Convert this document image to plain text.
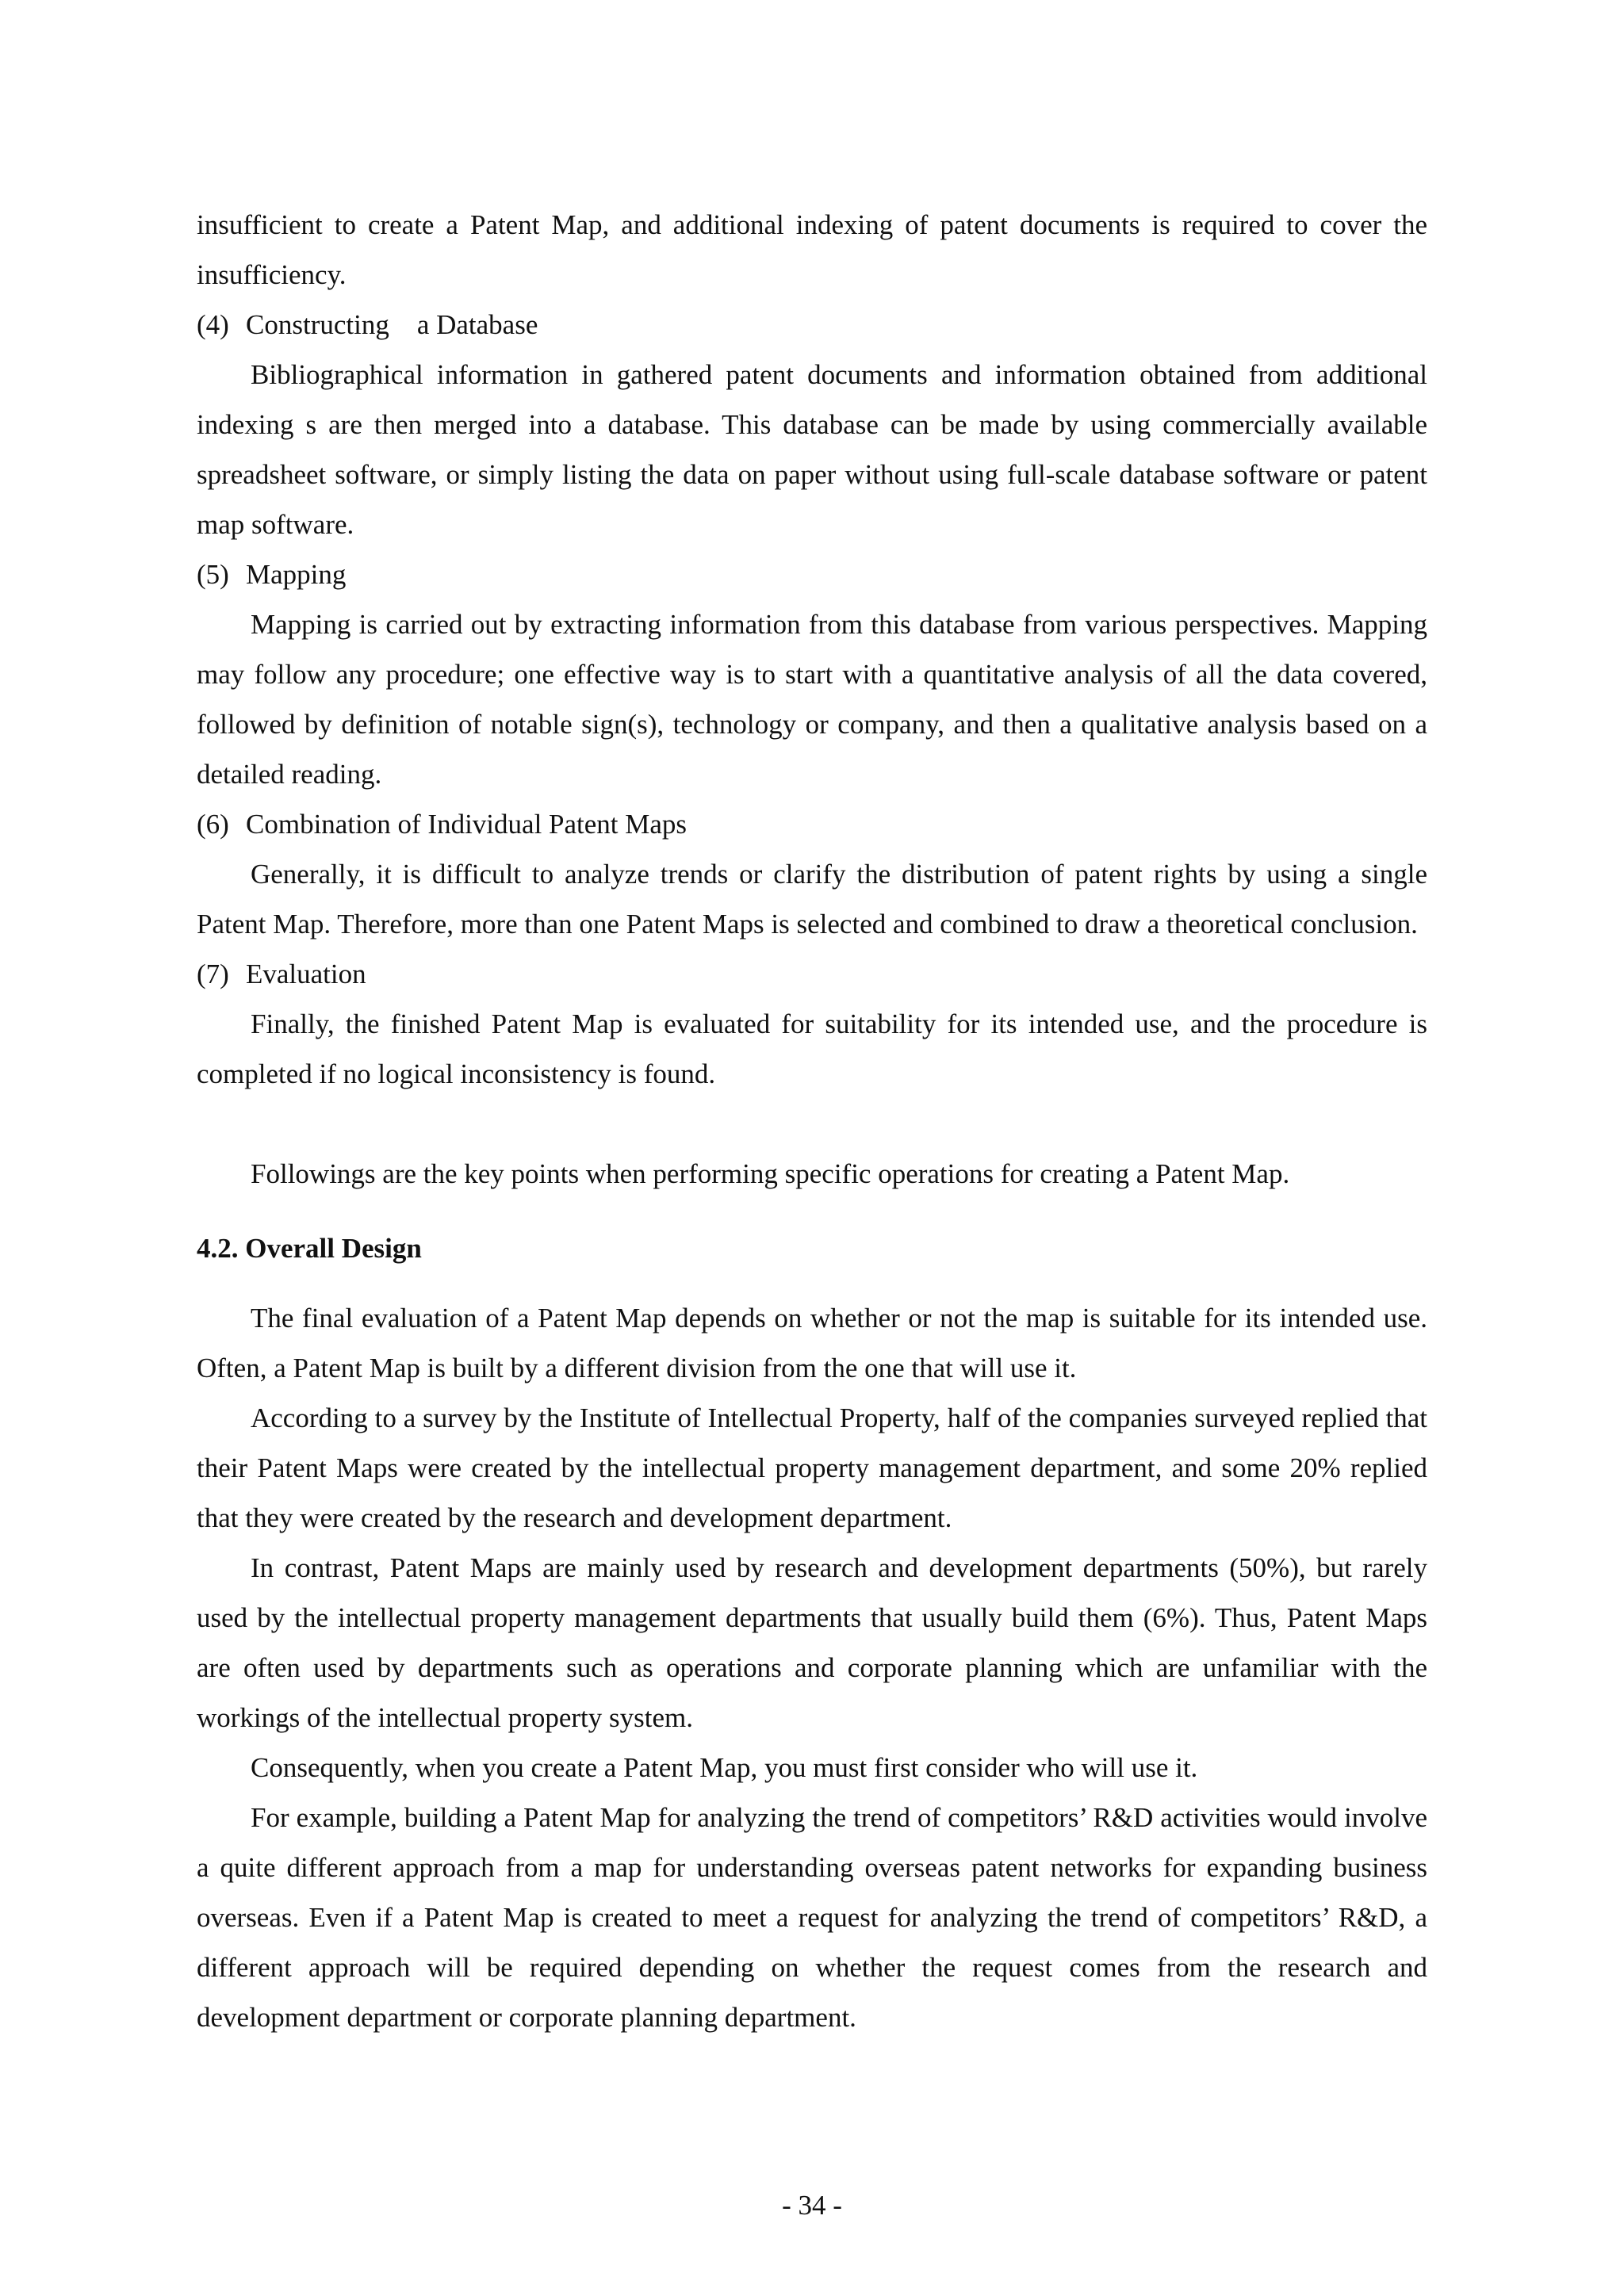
insufficient to create a Patent Map, and additional indexing of patent documents is required to cover the insufficiency.

(4) Constructing    a Database

Bibliographical information in gathered patent documents and information obtained from additional indexing s are then merged into a database. This database can be made by using commercially available spreadsheet software, or simply listing the data on paper without using full-scale database software or patent map software.

(5) Mapping

Mapping is carried out by extracting information from this database from various perspectives. Mapping may follow any procedure; one effective way is to start with a quantitative analysis of all the data covered, followed by definition of notable sign(s), technology or company, and then a qualitative analysis based on a detailed reading.

(6) Combination of Individual Patent Maps

Generally, it is difficult to analyze trends or clarify the distribution of patent rights by using a single Patent Map. Therefore, more than one Patent Maps is selected and combined to draw a theoretical conclusion.

(7) Evaluation

Finally, the finished Patent Map is evaluated for suitability for its intended use, and the procedure is completed if no logical inconsistency is found.

Followings are the key points when performing specific operations for creating a Patent Map.

4.2. Overall Design

The final evaluation of a Patent Map depends on whether or not the map is suitable for its intended use. Often, a Patent Map is built by a different division from the one that will use it.

According to a survey by the Institute of Intellectual Property, half of the companies surveyed replied that their Patent Maps were created by the intellectual property management department, and some 20% replied that they were created by the research and development department.

In contrast, Patent Maps are mainly used by research and development departments (50%), but rarely used by the intellectual property management departments that usually build them (6%). Thus, Patent Maps are often used by departments such as operations and corporate planning which are unfamiliar with the workings of the intellectual property system.

Consequently, when you create a Patent Map, you must first consider who will use it.

For example, building a Patent Map for analyzing the trend of competitors’ R&D activities would involve a quite different approach from a map for understanding overseas patent networks for expanding business overseas. Even if a Patent Map is created to meet a request for analyzing the trend of competitors’ R&D, a different approach will be required depending on whether the request comes from the research and development department or corporate planning department.

- 34 -
